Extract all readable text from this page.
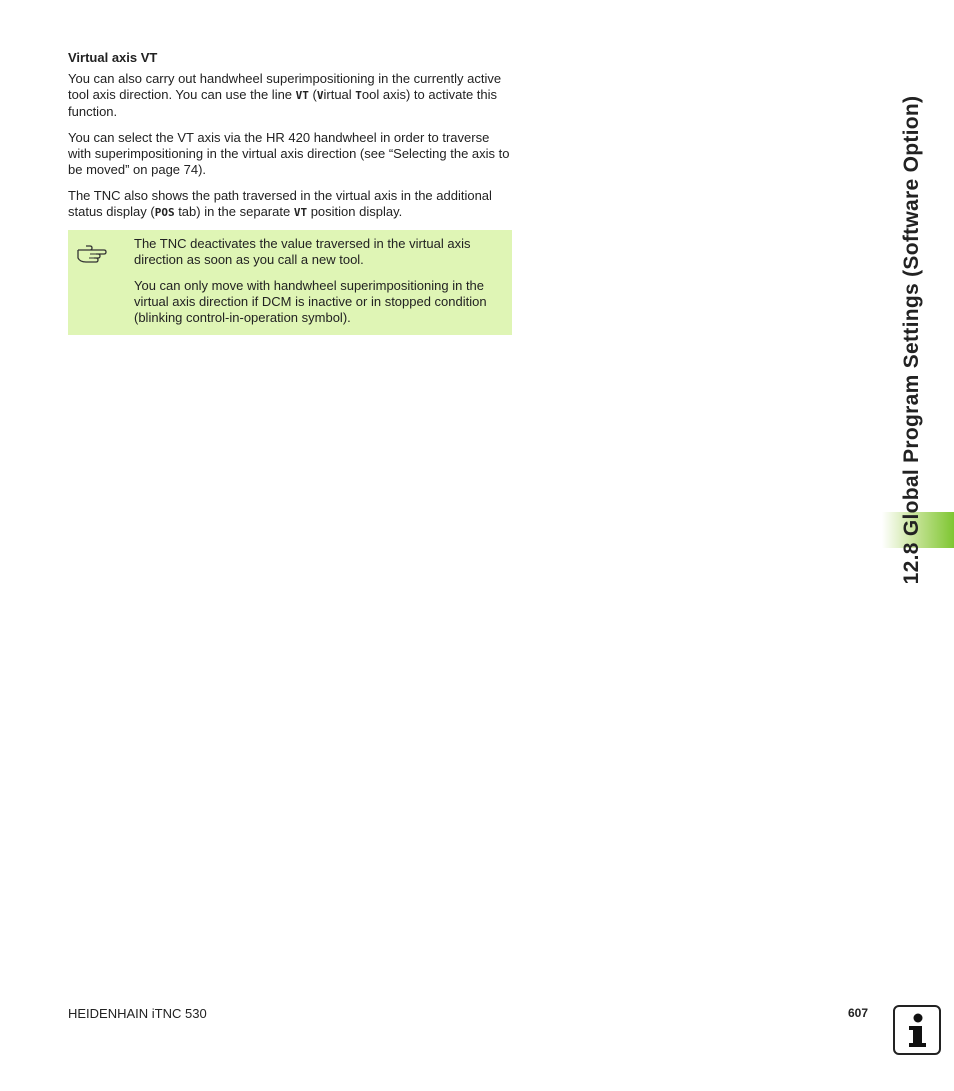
Virtual axis VT

You can also carry out handwheel superimpositioning in the currently active tool axis direction. You can use the line VT (Virtual Tool axis) to activate this function.

You can select the VT axis via the HR 420 handwheel in order to traverse with superimpositioning in the virtual axis direction (see “Selecting the axis to be moved” on page 74).

The TNC also shows the path traversed in the virtual axis in the additional status display (POS tab) in the separate VT position display.

The TNC deactivates the value traversed in the virtual axis direction as soon as you call a new tool.

You can only move with handwheel superimpositioning in the virtual axis direction if DCM is inactive or in stopped condition (blinking control-in-operation symbol).	12.8 Global Program Settings (Software Option)
HEIDENHAIN iTNC 530	607
